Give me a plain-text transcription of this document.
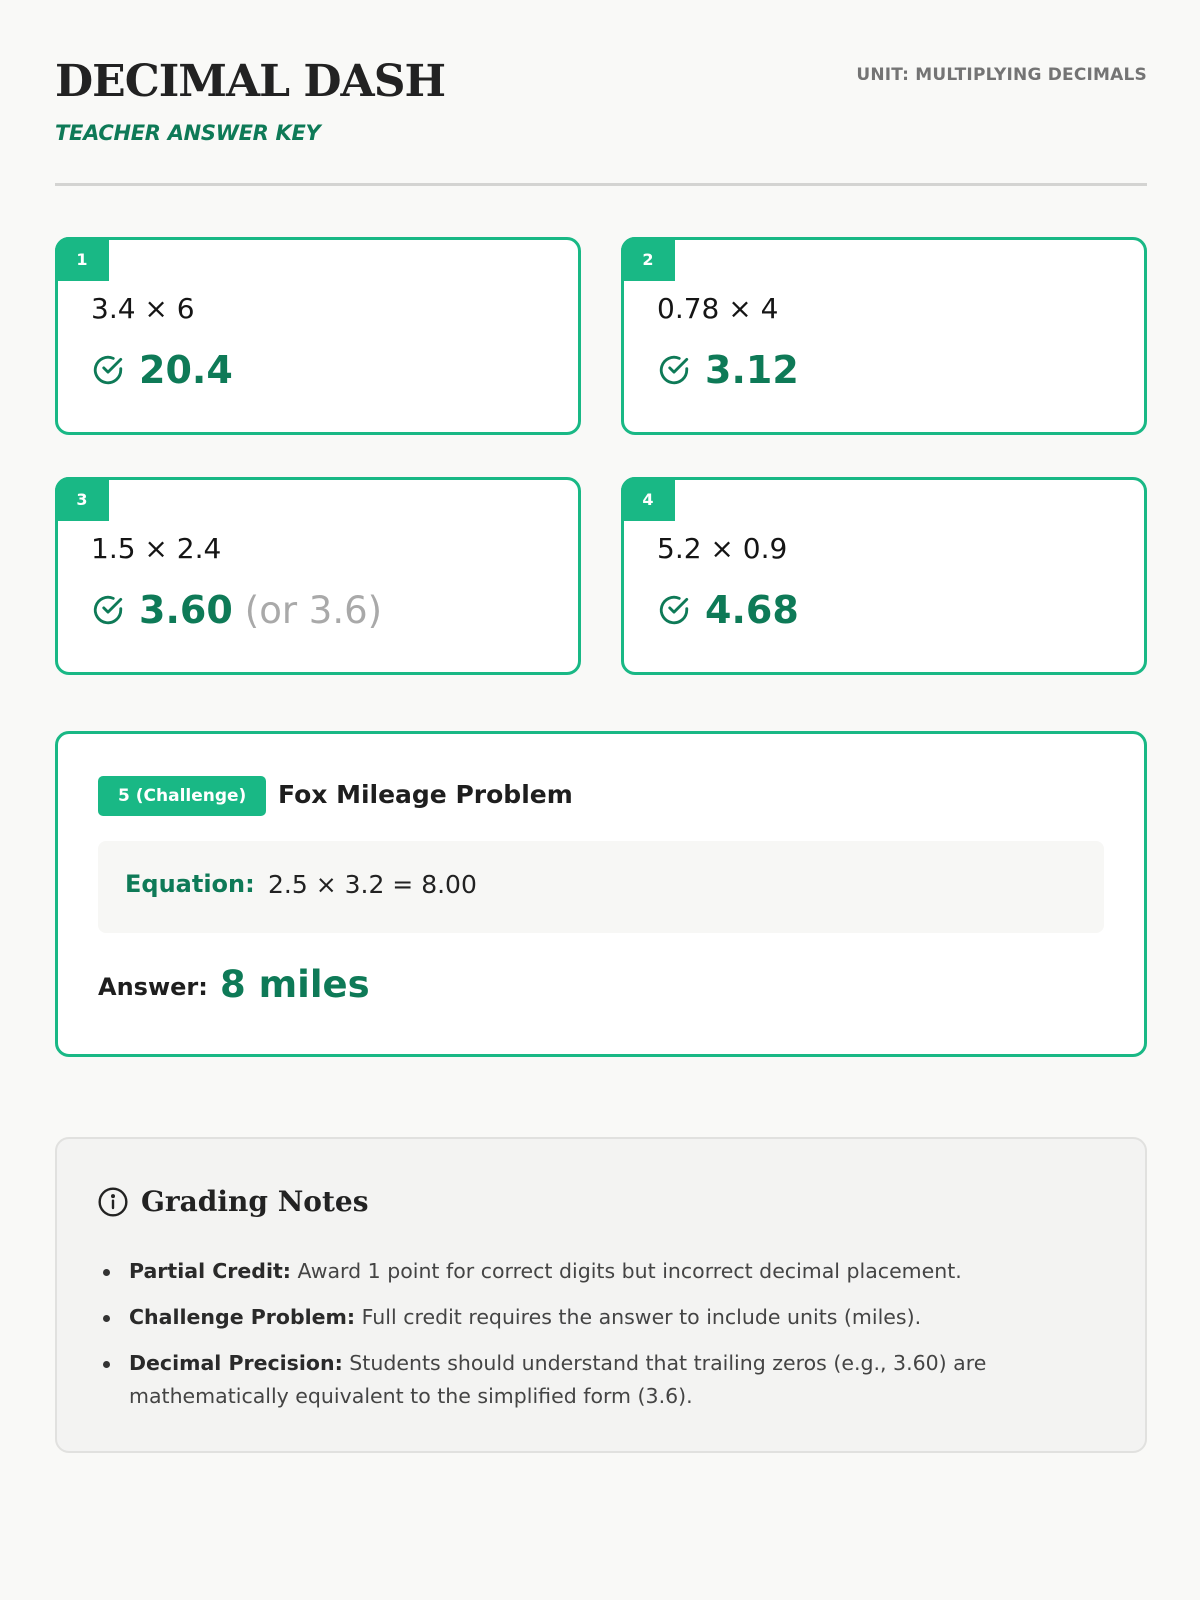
DECIMAL DASH
TEACHER ANSWER KEY
UNIT: MULTIPLYING DECIMALS
1
3.4 × 6
20.4
2
0.78 × 4
3.12
3
1.5 × 2.4
3.60 (or 3.6)
4
5.2 × 0.9
4.68
5 (Challenge)	Fox Mileage Problem
Equation: 2.5 × 3.2 = 8.00
Answer: 8 miles
Grading Notes
Partial Credit: Award 1 point for correct digits but incorrect decimal placement.
Challenge Problem: Full credit requires the answer to include units (miles).
Decimal Precision: Students should understand that trailing zeros (e.g., 3.60) are mathematically equivalent to the simplified form (3.6).
